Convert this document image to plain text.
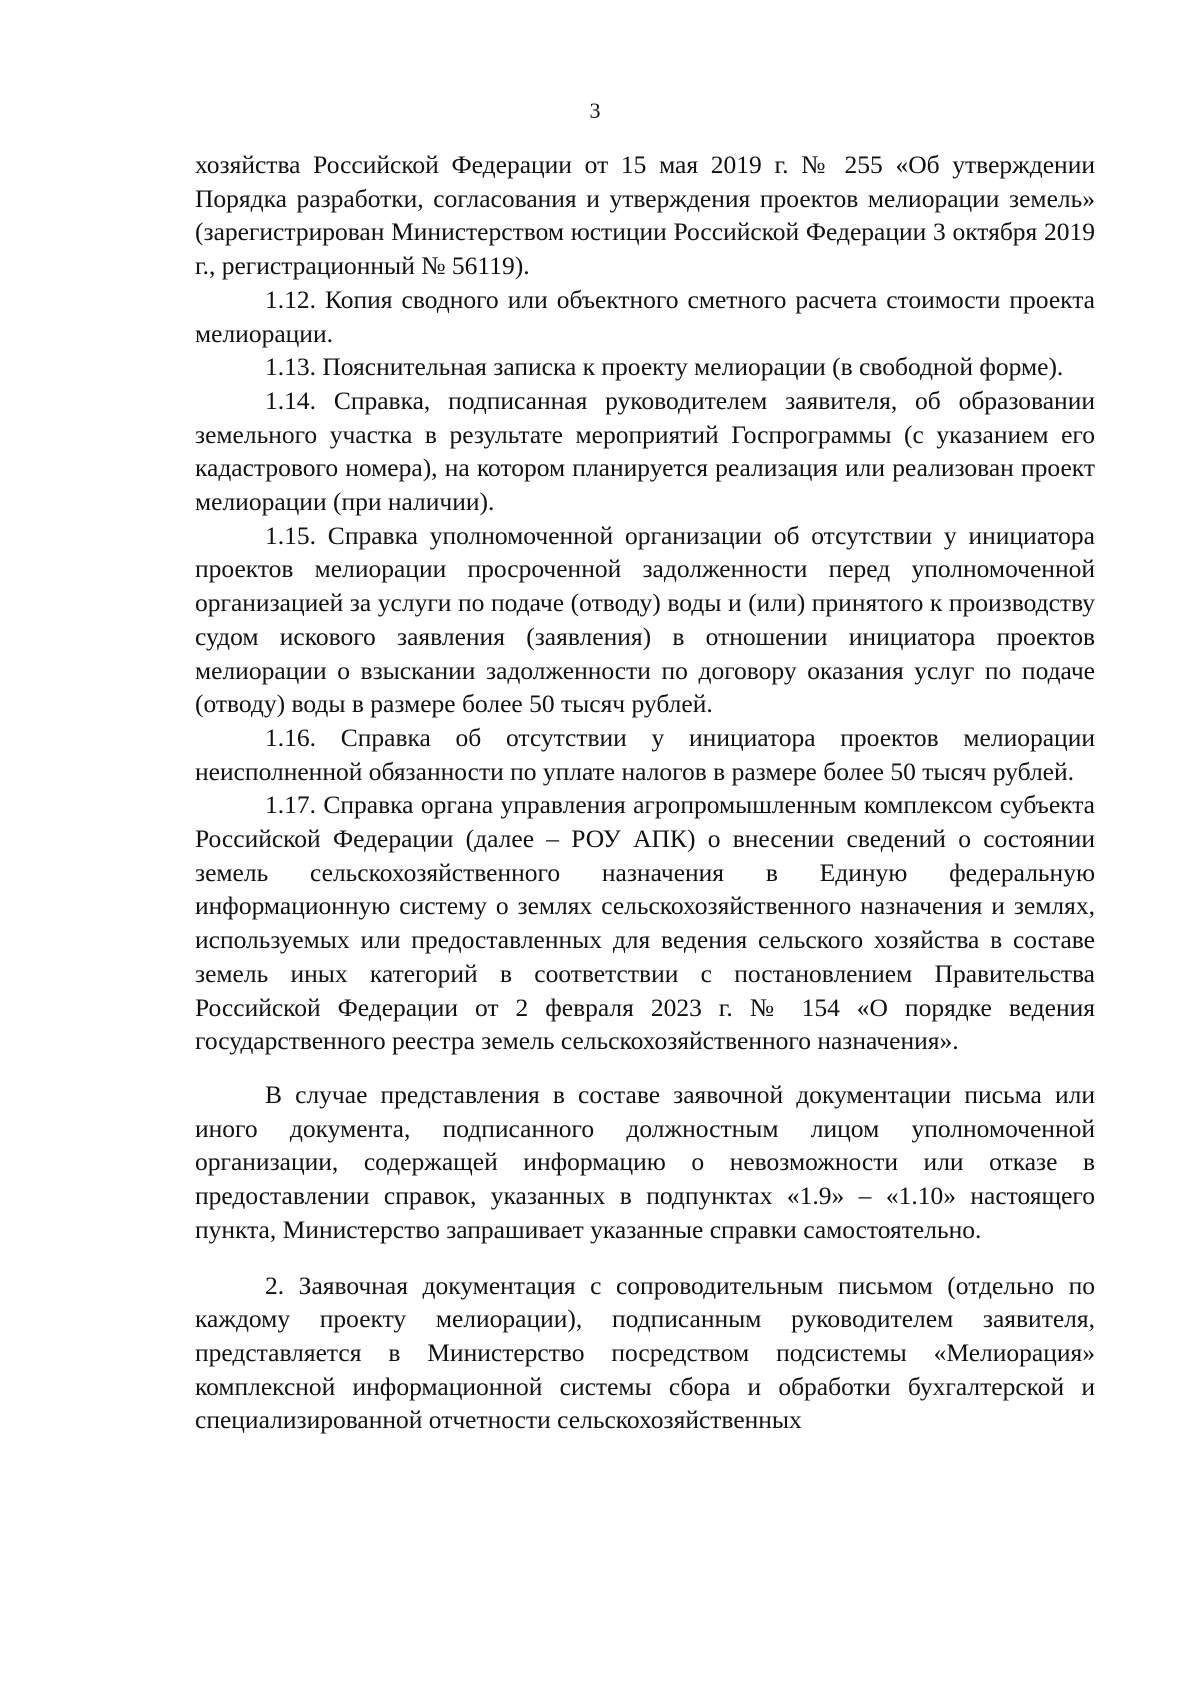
3

хозяйства Российской Федерации от 15 мая 2019 г. № 255 «Об утверждении Порядка разработки, согласования и утверждения проектов мелиорации земель» (зарегистрирован Министерством юстиции Российской Федерации 3 октября 2019 г., регистрационный № 56119).

1.12. Копия сводного или объектного сметного расчета стоимости проекта мелиорации.

1.13. Пояснительная записка к проекту мелиорации (в свободной форме).

1.14. Справка, подписанная руководителем заявителя, об образовании земельного участка в результате мероприятий Госпрограммы (с указанием его кадастрового номера), на котором планируется реализация или реализован проект мелиорации (при наличии).

1.15. Справка уполномоченной организации об отсутствии у инициатора проектов мелиорации просроченной задолженности перед уполномоченной организацией за услуги по подаче (отводу) воды и (или) принятого к производству судом искового заявления (заявления) в отношении инициатора проектов мелиорации о взыскании задолженности по договору оказания услуг по подаче (отводу) воды в размере более 50 тысяч рублей.

1.16. Справка об отсутствии у инициатора проектов мелиорации неисполненной обязанности по уплате налогов в размере более 50 тысяч рублей.

1.17. Справка органа управления агропромышленным комплексом субъекта Российской Федерации (далее – РОУ АПК) о внесении сведений о состоянии земель сельскохозяйственного назначения в Единую федеральную информационную систему о землях сельскохозяйственного назначения и землях, используемых или предоставленных для ведения сельского хозяйства в составе земель иных категорий в соответствии с постановлением Правительства Российской Федерации от 2 февраля 2023 г. № 154 «О порядке ведения государственного реестра земель сельскохозяйственного назначения».

В случае представления в составе заявочной документации письма или иного документа, подписанного должностным лицом уполномоченной организации, содержащей информацию о невозможности или отказе в предоставлении справок, указанных в подпунктах «1.9» – «1.10» настоящего пункта, Министерство запрашивает указанные справки самостоятельно.

2. Заявочная документация с сопроводительным письмом (отдельно по каждому проекту мелиорации), подписанным руководителем заявителя, представляется в Министерство посредством подсистемы «Мелиорация» комплексной информационной системы сбора и обработки бухгалтерской и специализированной отчетности сельскохозяйственных
